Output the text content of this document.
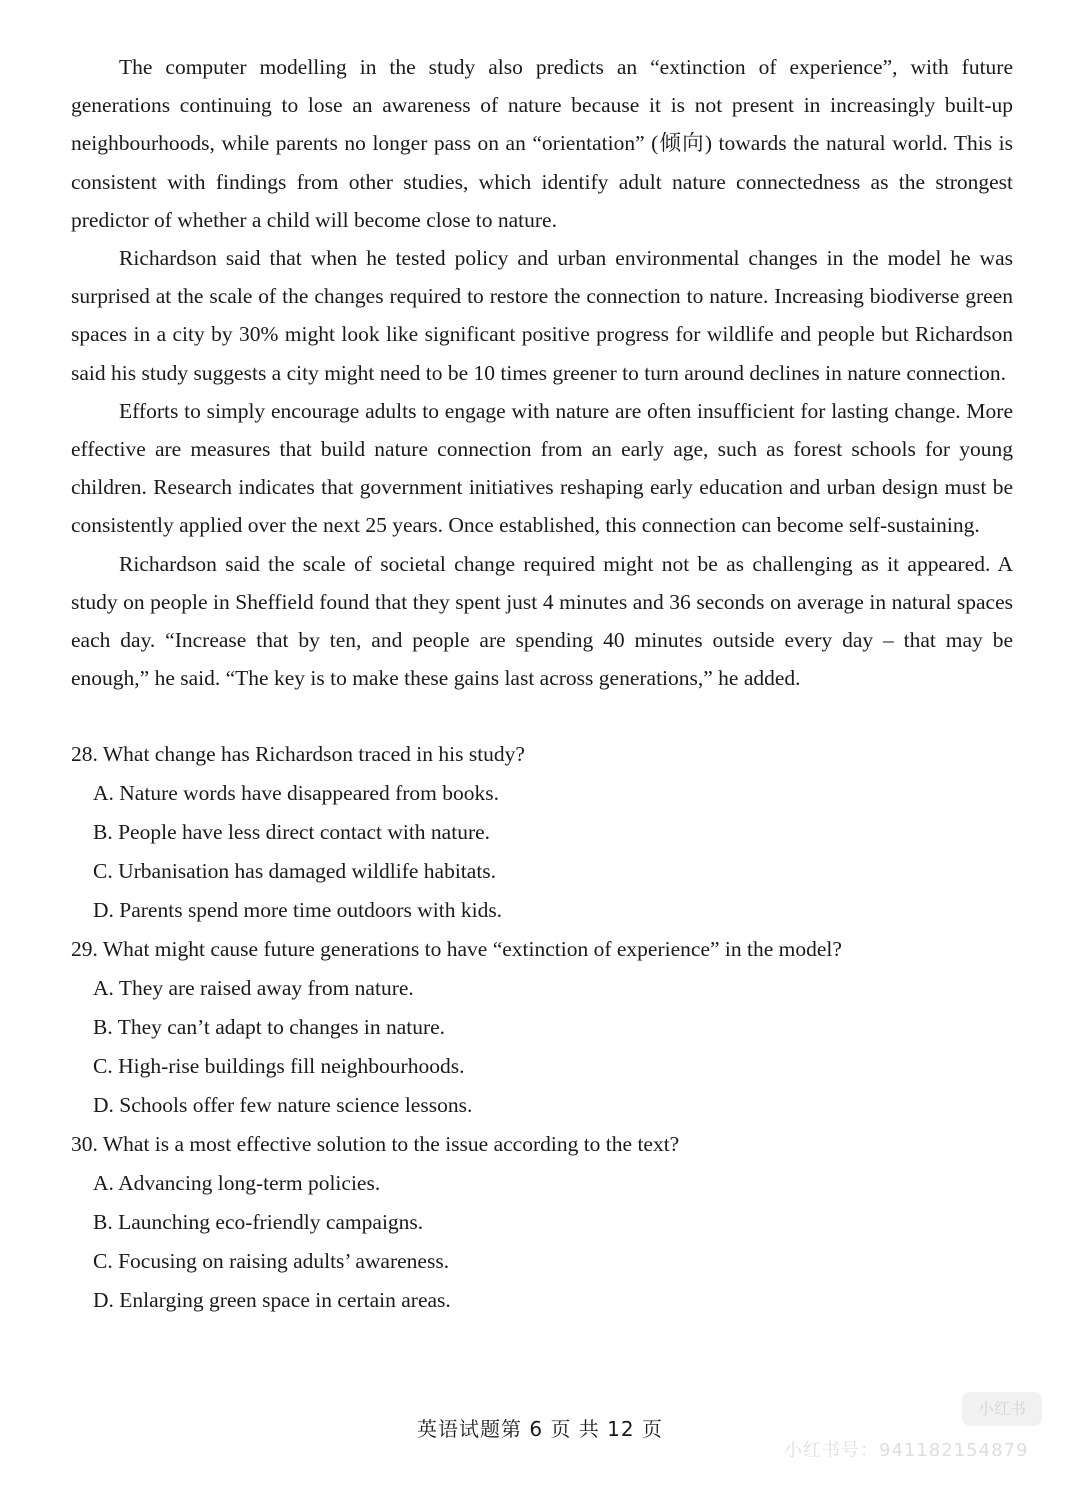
The computer modelling in the study also predicts an “extinction of experience”, with future generations continuing to lose an awareness of nature because it is not present in increasingly built-up neighbourhoods, while parents no longer pass on an “orientation” (倾向) towards the natural world. This is consistent with findings from other studies, which identify adult nature connectedness as the strongest predictor of whether a child will become close to nature.

Richardson said that when he tested policy and urban environmental changes in the model he was surprised at the scale of the changes required to restore the connection to nature. Increasing biodiverse green spaces in a city by 30% might look like significant positive progress for wildlife and people but Richardson said his study suggests a city might need to be 10 times greener to turn around declines in nature connection.

Efforts to simply encourage adults to engage with nature are often insufficient for lasting change. More effective are measures that build nature connection from an early age, such as forest schools for young children. Research indicates that government initiatives reshaping early education and urban design must be consistently applied over the next 25 years. Once established, this connection can become self-sustaining.

Richardson said the scale of societal change required might not be as challenging as it appeared. A study on people in Sheffield found that they spent just 4 minutes and 36 seconds on average in natural spaces each day. “Increase that by ten, and people are spending 40 minutes outside every day – that may be enough,” he said. “The key is to make these gains last across generations,” he added.

28. What change has Richardson traced in his study?

A. Nature words have disappeared from books.

B. People have less direct contact with nature.

C. Urbanisation has damaged wildlife habitats.

D. Parents spend more time outdoors with kids.

29. What might cause future generations to have “extinction of experience” in the model?

A. They are raised away from nature.

B. They can’t adapt to changes in nature.

C. High-rise buildings fill neighbourhoods.

D. Schools offer few nature science lessons.

30. What is a most effective solution to the issue according to the text?

A. Advancing long-term policies.

B. Launching eco-friendly campaigns.

C. Focusing on raising adults’ awareness.

D. Enlarging green space in certain areas.

英语试题第 6 页 共 12 页
小红书
小红书号：941182154879
